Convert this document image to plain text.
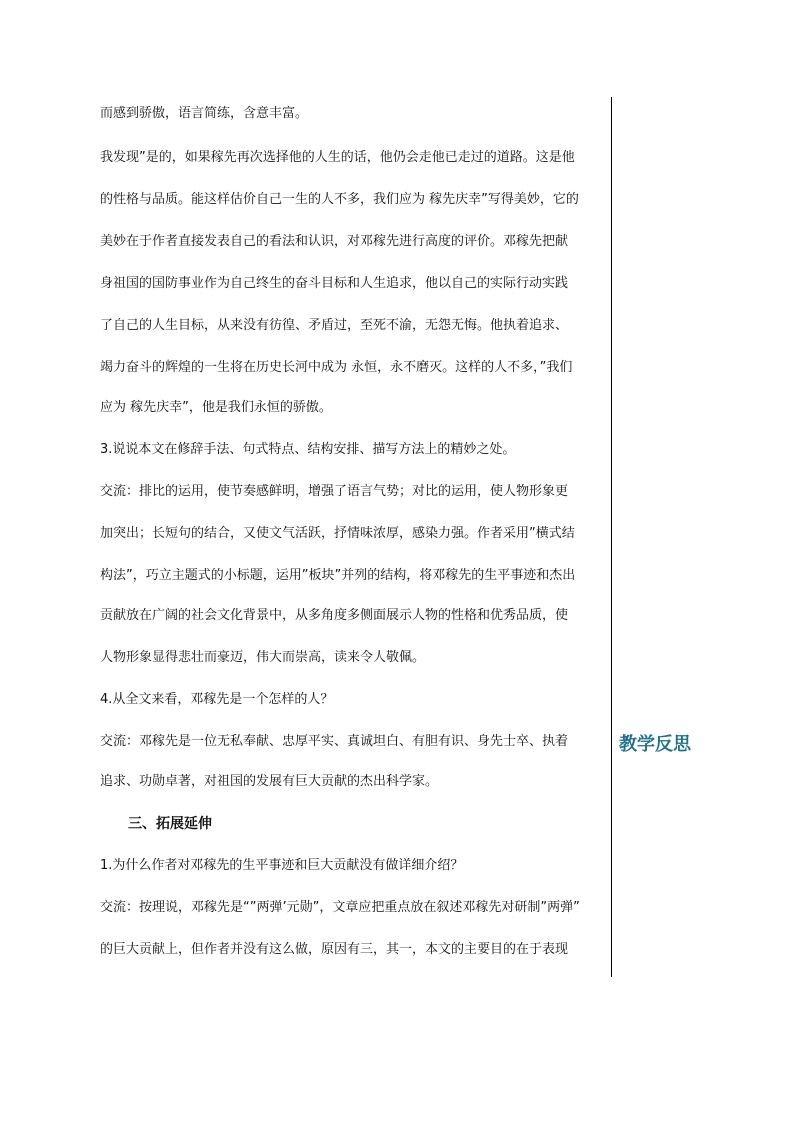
而感到骄傲，语言简练，含意丰富。
我发现”是的，如果稼先再次选择他的人生的话，他仍会走他已走过的道路。这是他
的性格与品质。能这样估价自己一生的人不多，我们应为 稼先庆幸”写得美妙，它的
美妙在于作者直接发表自己的看法和认识，对邓稼先进行高度的评价。邓稼先把献
身祖国的国防事业作为自己终生的奋斗目标和人生追求，他以自己的实际行动实践
了自己的人生目标，从来没有彷徨、矛盾过，至死不渝，无怨无悔。他执着追求、
竭力奋斗的辉煌的一生将在历史长河中成为 永恒，永不磨灭。这样的人不多，”我们
应为 稼先庆幸”，他是我们永恒的骄傲。
3.说说本文在修辞手法、句式特点、结构安排、描写方法上的精妙之处。
交流：排比的运用，使节奏感鲜明，增强了语言气势；对比的运用，使人物形象更
加突出；长短句的结合，又使文气活跃，抒情味浓厚，感染力强。作者采用”横式结
构法”，巧立主题式的小标题，运用”板块”并列的结构，将邓稼先的生平事迹和杰出
贡献放在广阔的社会文化背景中，从多角度多侧面展示人物的性格和优秀品质，使
人物形象显得悲壮而豪迈，伟大而崇高，读来令人敬佩。
4.从全文来看，邓稼先是一个怎样的人？
交流：邓稼先是一位无私奉献、忠厚平实、真诚坦白、有胆有识、身先士卒、执着
追求、功勋卓著，对祖国的发展有巨大贡献的杰出科学家。
三、拓展延伸
1.为什么作者对邓稼先的生平事迹和巨大贡献没有做详细介绍？
交流：按理说，邓稼先是“”两弹’元勋”，文章应把重点放在叙述邓稼先对研制”两弹”
的巨大贡献上，但作者并没有这么做，原因有三，其一，本文的主要目的在于表现
教学反思
